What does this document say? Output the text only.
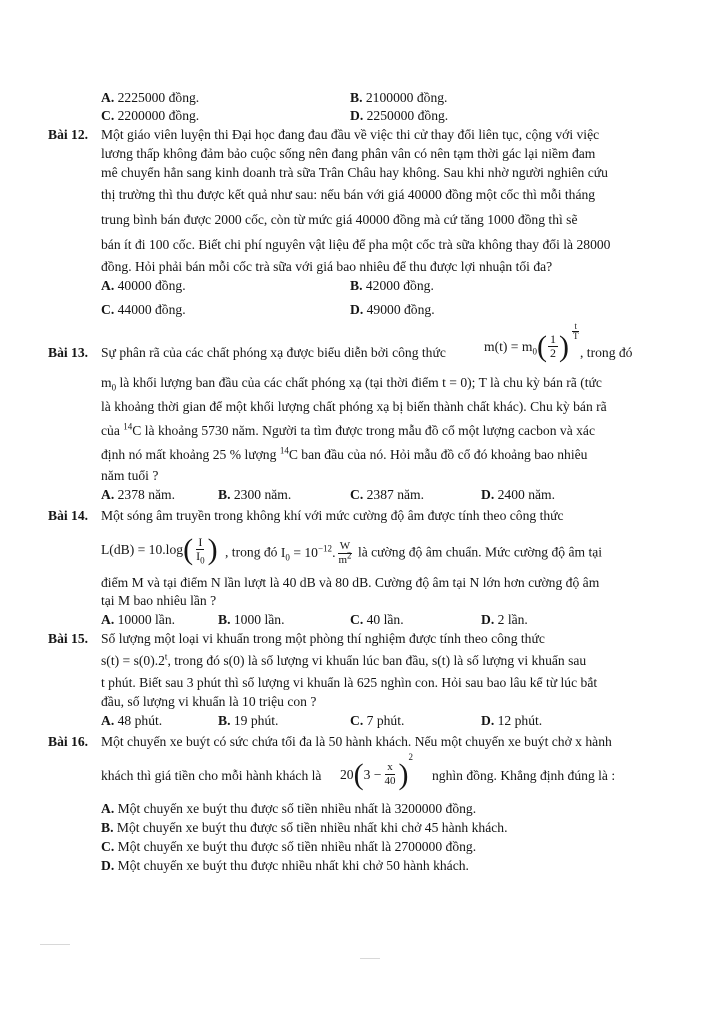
A. 2225000 đồng.	B. 2100000 đồng.
C. 2200000 đồng.	D. 2250000 đồng.
Bài 12. Một giáo viên luyện thi Đại học đang đau đầu về việc thi cử thay đổi liên tục, cộng với việc
lương thấp không đảm bảo cuộc sống nên đang phân vân có nên tạm thời gác lại niềm đam
mê chuyển hẳn sang kinh doanh trà sữa Trân Châu hay không. Sau khi nhờ người nghiên cứu
thị trường thì thu được kết quả như sau: nếu bán với giá 40000 đồng một cốc thì mỗi tháng
trung bình bán được 2000 cốc, còn từ mức giá 40000 đồng mà cứ tăng 1000 đồng thì sẽ
bán ít đi 100 cốc. Biết chi phí nguyên vật liệu để pha một cốc trà sữa không thay đổi là 28000
đồng. Hỏi phải bán mỗi cốc trà sữa với giá bao nhiêu để thu được lợi nhuận tối đa?
A. 40000 đồng.	B. 42000 đồng.
C. 44000 đồng.	D. 49000 đồng.
Bài 13. Sự phân rã của các chất phóng xạ được biểu diễn bởi công thức	$m(t) = m_0( \frac{1}{2}$ ) $^{\frac{t}{T}}$
, trong đó
$m_0$ là khối lượng ban đầu của các chất phóng xạ (tại thời điểm t = 0); T là chu kỳ bán rã (tức
là khoảng thời gian để một khối lượng chất phóng xạ bị biến thành chất khác). Chu kỳ bán rã
của $^{14}$C là khoảng 5730 năm. Người ta tìm được trong mẫu đồ cổ một lượng cacbon và xác
định nó mất khoảng 25 % lượng $^{14}$C ban đầu của nó. Hỏi mẫu đồ cổ đó khoảng bao nhiêu
năm tuổi ?
A. 2378 năm.	B. 2300 năm.	C. 2387 năm.	D. 2400 năm.
Bài 14. Một sóng âm truyền trong không khí với mức cường độ âm được tính theo công thức
$L(dB) = 10.\log( \frac{I}{I_0}$ ) , trong đó $I_0 = 10^{-12}$. $\frac{W}{m^2}$ là cường độ âm chuẩn. Mức cường độ âm tại
điểm M và tại điểm N lần lượt là 40 dB và 80 dB. Cường độ âm tại N lớn hơn cường độ âm
tại M bao nhiêu lần ?
A. 10000 lần.	B. 1000 lần.	C. 40 lần.	D. 2 lần.
Bài 15. Số lượng một loại vi khuẩn trong một phòng thí nghiệm được tính theo công thức
$s(t) = s(0).2^t$, trong đó s(0) là số lượng vi khuẩn lúc ban đầu, s(t) là số lượng vi khuẩn sau
t phút. Biết sau 3 phút thì số lượng vi khuẩn là 625 nghìn con. Hỏi sau bao lâu kể từ lúc bắt
đầu, số lượng vi khuẩn là 10 triệu con ?
A. 48 phút.	B. 19 phút.	C. 7 phút.	D. 12 phút.
Bài 16. Một chuyến xe buýt có sức chứa tối đa là 50 hành khách. Nếu một chuyến xe buýt chở x hành
khách thì giá tiền cho mỗi hành khách là $20(3 - \frac{x}{40} )^2$
nghìn đồng. Khẳng định đúng là :
A. Một chuyến xe buýt thu được số tiền nhiều nhất là 3200000 đồng.
B. Một chuyến xe buýt thu được số tiền nhiều nhất khi chở 45 hành khách.
C. Một chuyến xe buýt thu được số tiền nhiều nhất là 2700000 đồng.
D. Một chuyến xe buýt thu được nhiều nhất khi chở 50 hành khách.
